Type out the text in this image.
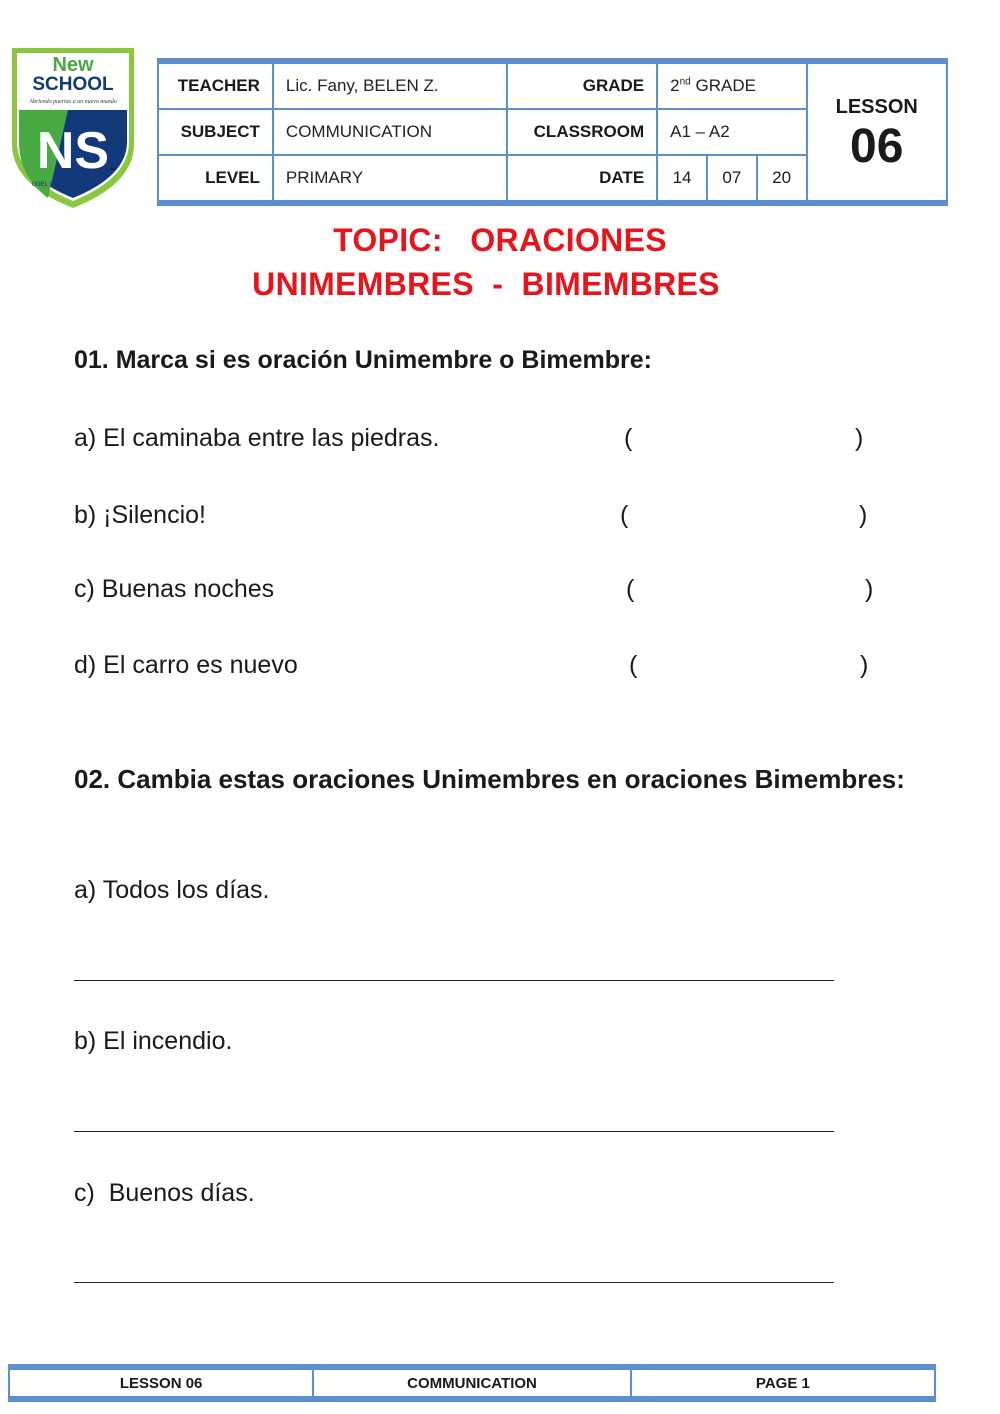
New
SCHOOL
Abriendo puertas a un nuevo mundo
NS
UGEL Nº 06
-
TEACHER	Lic. Fany, BELEN Z.	GRADE	2nd GRADE			LESSON
06

SUBJECT	COMMUNICATION	CLASSROOM	A1 – A2			
LEVEL	PRIMARY	DATE	14	07	20	
TOPIC:   ORACIONES
UNIMEMBRES  -  BIMEMBRES
01. Marca si es oración Unimembre o Bimembre:
a) El caminaba entre las piedras.	(	)
b) ¡Silencio!	(	)
c) Buenas noches	(	)
d) El carro es nuevo	(	)
02. Cambia estas oraciones Unimembres en oraciones Bimembres:
a) Todos los días.
b) El incendio.
c)  Buenos días.
LESSON 06	COMMUNICATION	PAGE 1
